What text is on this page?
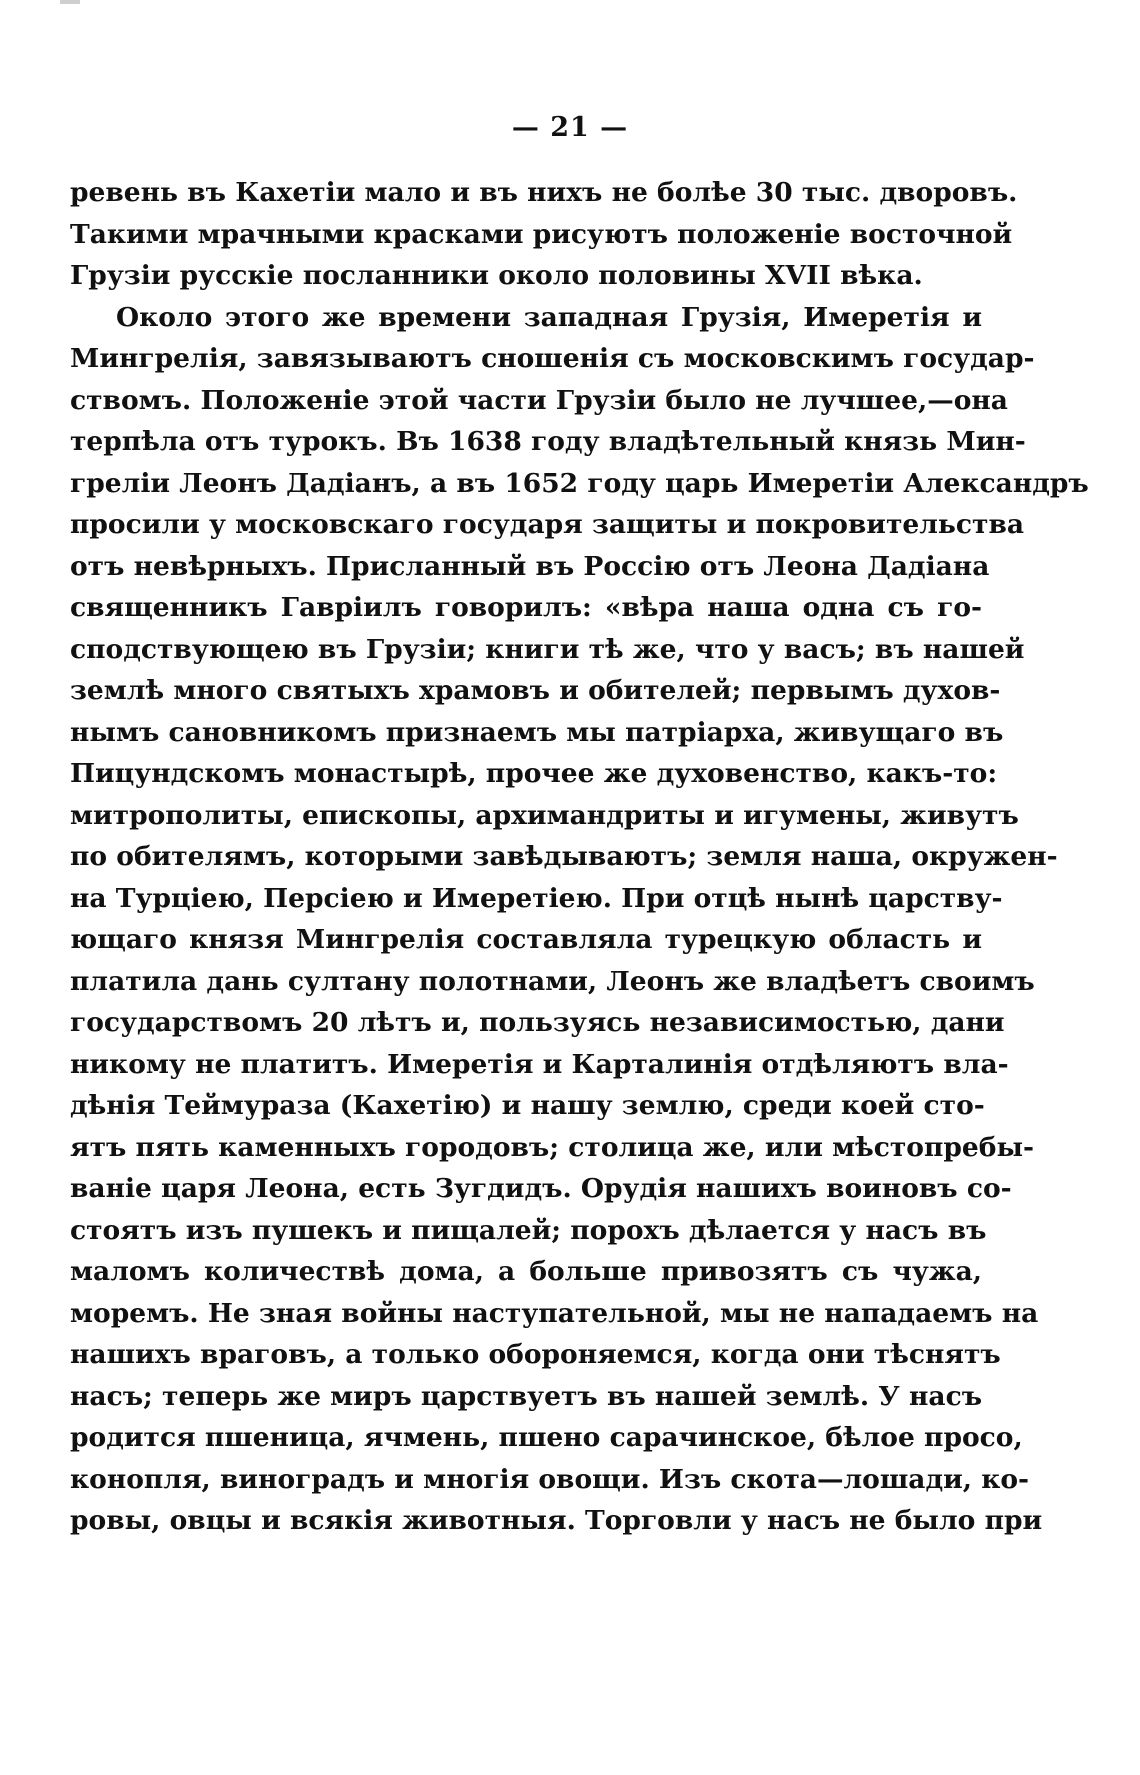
— 21 —
ревень въ Кахетіи мало и въ нихъ не болѣе 30 тыс. дворовъ.
Такими мрачными красками рисуютъ положеніе восточной
Грузіи русскіе посланники около половины XVII вѣка.
Около этого же времени западная Грузія, Имеретія и
Мингрелія, завязываютъ сношенія съ московскимъ государ-
ствомъ. Положеніе этой части Грузіи было не лучшее,—она
терпѣла отъ турокъ. Въ 1638 году владѣтельный князь Мин-
грелiи Леонъ Дадіанъ, а въ 1652 году царь Имеретіи Александръ
просили у московскаго государя защиты и покровительства
отъ невѣрныхъ. Присланный въ Россію отъ Леона Дадіана
священникъ Гавріилъ говорилъ: «вѣра наша одна съ го-
сподствующею въ Грузіи; книги тѣ же, что у васъ; въ нашей
землѣ много святыхъ храмовъ и обителей; первымъ духов-
нымъ сановникомъ признаемъ мы патріарха, живущаго въ
Пицундскомъ монастырѣ, прочее же духовенство, какъ-то:
митрополиты, епископы, архимандриты и игумены, живутъ
по обителямъ, которыми завѣдываютъ; земля наша, окружен-
на Турціею, Персіею и Имеретіею. При отцѣ нынѣ царству-
ющаго князя Мингрелія составляла турецкую область и
платила дань султану полотнами, Леонъ же владѣетъ своимъ
государствомъ 20 лѣтъ и, пользуясь независимостью, дани
никому не платитъ. Имеретія и Карталинія отдѣляютъ вла-
дѣнія Теймураза (Кахетію) и нашу землю, среди коей сто-
ятъ пять каменныхъ городовъ; столица же, или мѣстопребы-
ваніе царя Леона, есть Зугдидъ. Орудія нашихъ воиновъ со-
стоятъ изъ пушекъ и пищалей; порохъ дѣлается у насъ въ
маломъ количествѣ дома, а больше привозятъ съ чужа,
моремъ. Не зная войны наступательной, мы не нападаемъ на
нашихъ враговъ, а только обороняемся, когда они тѣснятъ
насъ; теперь же миръ царствуетъ въ нашей землѣ. У насъ
родится пшеница, ячмень, пшено сарачинское, бѣлое просо,
конопля, виноградъ и многія овощи. Изъ скота—лошади, ко-
ровы, овцы и всякія животныя. Торговли у насъ не было при
